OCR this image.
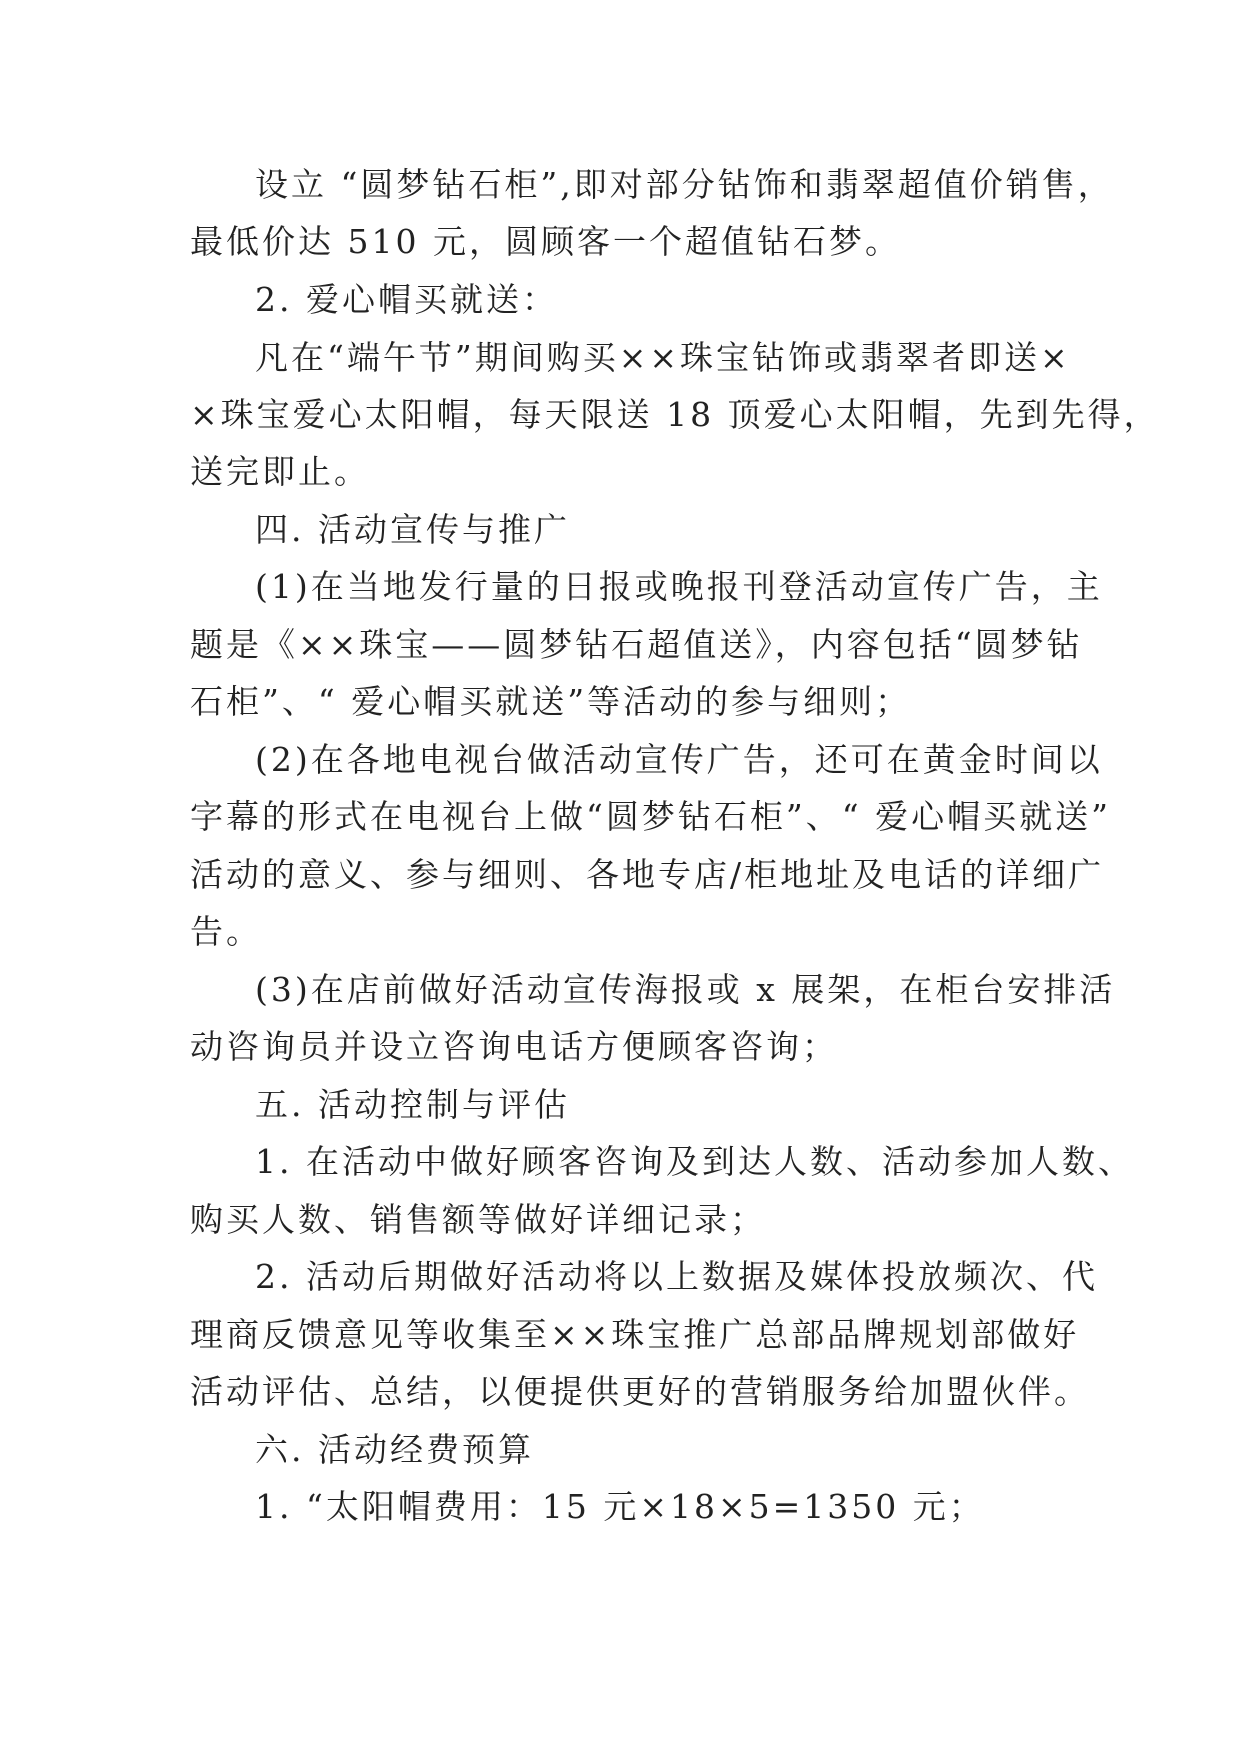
设立 “圆梦钻石柜”,即对部分钻饰和翡翠超值价销售，
最低价达 510 元，圆顾客一个超值钻石梦。
2. 爱心帽买就送：
凡在“端午节”期间购买××珠宝钻饰或翡翠者即送×
×珠宝爱心太阳帽，每天限送 18 顶爱心太阳帽，先到先得，
送完即止。
四. 活动宣传与推广
(1)在当地发行量的日报或晚报刊登活动宣传广告，主
题是《××珠宝——圆梦钻石超值送》，内容包括“圆梦钻
石柜”、“ 爱心帽买就送”等活动的参与细则；
(2)在各地电视台做活动宣传广告，还可在黄金时间以
字幕的形式在电视台上做“圆梦钻石柜”、“ 爱心帽买就送”
活动的意义、参与细则、各地专店/柜地址及电话的详细广
告。
(3)在店前做好活动宣传海报或 x 展架，在柜台安排活
动咨询员并设立咨询电话方便顾客咨询；
五. 活动控制与评估
1. 在活动中做好顾客咨询及到达人数、活动参加人数、
购买人数、销售额等做好详细记录；
2. 活动后期做好活动将以上数据及媒体投放频次、代
理商反馈意见等收集至××珠宝推广总部品牌规划部做好
活动评估、总结，以便提供更好的营销服务给加盟伙伴。
六. 活动经费预算
1. “太阳帽费用：15 元×18×5=1350 元；
